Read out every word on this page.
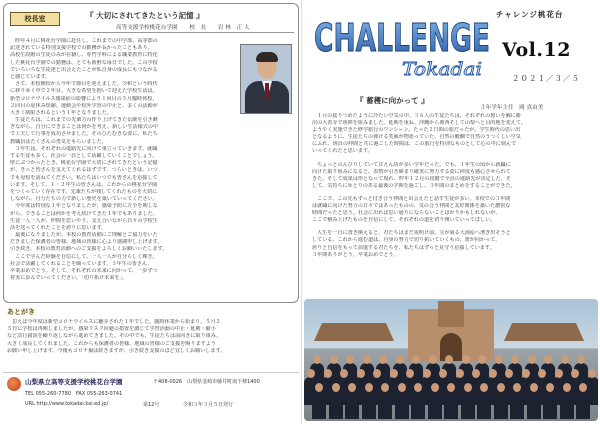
校長室	『 大切にされてきたという記憶 』
高等支援学校桃花台学園 校　長 岩 林　正 人
　昨年４月に桃花台学園に赴任し、これまでの中学部、高等部の
記述されている特別支援学校での勤務が長かったこともあり、
高校生段階の生徒のみが在籍し、専門学科による職業教育に特化
した桃花台学園での勤務は、とても新鮮な毎日でした。この学校
でいろいろな生徒達と出会えたことが私自身の成長にもつながる
と感じています。
　さて、本校開校から今年で節目を迎えました。令和という時代
に移りゆく中で２年目、大きな希望を抱いて迎えた学校生活は、
新型コロナウイルス感染症の影響により１回目の５月臨時休校、
２回目の夏休み短縮、運動会や校外学習の中止と、多くの活動が
大きく制限されるという１年となりました。
　生徒たちは、これまでの先輩方の作り上げてきた伝統を引き継
ぎながら、自分にできることは何かを考え、新しい生活様式の中
で工夫して行事を成功させました。そのひたむきな姿に、私たち
教職員はたくさんの勇気をもらいました。
　３年生は、それぞれの進路先に向けて巣立っていきます。就職
する生徒も多く、社会の一員として活躍していくことでしょう。
壁にぶつかったとき、桃花台学園で大切にされてきたという記憶
が、きっと皆さんを支えてくれるはずです。つらいときは、いつ
でも母校を訪ねてください。私たちはいつでも皆さんを応援して
います。そして、１・２年生の皆さんは、これからの桃花台学園
をつくっていく存在です。先輩たちが残してくれたものを大切に
しながら、自分たちの力で新しい歴史を築いていってください。
　今年度は特別な１年となりましたが、感染予防に万全を期しな
がら、できることは何かを考え続けてきた１年でもありました。
生徒一人一人が、仲間を思いやり、支え合いながら日々の学校生
活を送ってくれたことを誇りに思います。
　最後になりましたが、本校の教育活動にご理解とご協力をいた
だきました保護者の皆様、地域の皆様に心より感謝申し上げます。
引き続き、本校の教育活動へのご支援をよろしくお願いいたします。
　ここで学んだ経験を自信にして、一人一人が自分らしく輝き、
社会で活躍してくれることを願っています。３年生の皆さん、
卒業おめでとう。そして、それぞれの未来に向かって、一歩ずつ
着実に歩んでいってください。「切り拓け未来を」。
あとがき
　思えば今年度は新型コロナウイルスに翻弄された１年でした。臨時休業から始まり、５月２
５日に学校は再開しましたが、感染リスク回避の措置を講じて学習活動の中止・延期・縮小
など試行錯誤を繰り返しながら進めてきました。その中でも、生徒たちは前向きに取り組み、
大きく成長してくれました。これからも保護者の皆様、地域の皆様のご支援を賜りますよう
お願い申し上げます。今後もコロナ禍は続きますが、引き続き支援のほど宜しくお願いします。
山梨県立高等支援学校桃花台学園	〒408-0026　山梨県韮崎市藤井町南下條1400
TEL 055-260-7780　FAX 055-263-0741
URL http://www.tokadai.kai.ed.jp/	第12号	令和３年３月５日発行
CHALLENGE
Tokadai
チャレンジ桃花台
Vol.12
２０２１／３／５
『 蓄穫に向かって 』
３年学年主任　岡 真由美
　１月の揺りつめたように冷たい空気の中、３６人の生徒たちは、それぞれの想いを胸に勝
沼の大善寺で座禅を組みました。延期を重ね、沖縄から関西そして山梨へと目的地を変えて、
ようやく実施できた修学旅行のワンシーン。たった２日間の旅だったが、学生時代の思い出
となるように、生徒たちの弾ける笑顔が物語っていた。自然の醍醐で自然のうつくしい空気
にふれ、班員の仲間と共に過ごした時間は、この旅行を特別なものとして心の中に刻んで
いってくれたと思います。
　ちょっとのんびりしていて甘えん坊が多い学年だった。でも、１年生の頃から就職に
向けた取り組みになると、表情が引き締まり確実に努力する姿に何度も感心させられて
きた。そして成果は形となって現れ、昨年１２月の段階で全員の進路先が決定した。そ
して、気持ちにゆとりのある最後の学期を過ごし、３年間のまとめをすることができた。
　ここで、この先もずっと付き合う仲間と出会えたと話す生徒が多い。本校での３年間
は就職に向けた努力の日々ではあったものの、気の合う仲間と友好関係を築いた濃密な
時間だったと思う。社会に出れば思い通りにならないことばかりかもしれないが、
ここで積み上げたものを自信にして、それぞれの道を切り開いていってほしい。
　人生を一日に置き換えると、君たちはまだ夜明け前。宝が乗る大海原へ漕ぎ出そうと
している。これから進む道は、自身の努力で切り拓いていくもの。蕾が向かって、
誇りと自信をもって前進する君たちを、私たちはずっと見守り応援しています。
３年間ありがとう。卒業おめでとう。
